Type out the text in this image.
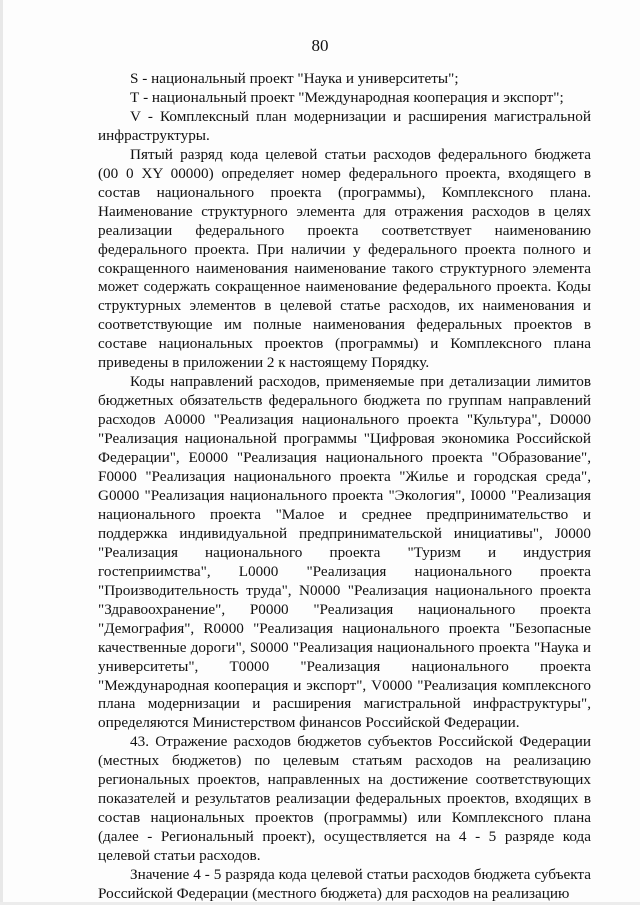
80

S - национальный проект "Наука и университеты";

Т - национальный проект "Международная кооперация и экспорт";

V - Комплексный план модернизации и расширения магистральной инфраструктуры.

Пятый разряд кода целевой статьи расходов федерального бюджета (00 0 XY 00000) определяет номер федерального проекта, входящего в состав национального проекта (программы), Комплексного плана. Наименование структурного элемента для отражения расходов в целях реализации федерального проекта соответствует наименованию федерального проекта. При наличии у федерального проекта полного и сокращенного наименования наименование такого структурного элемента может содержать сокращенное наименование федерального проекта. Коды структурных элементов в целевой статье расходов, их наименования и соответствующие им полные наименования федеральных проектов в составе национальных проектов (программы) и Комплексного плана приведены в приложении 2 к настоящему Порядку.

Коды направлений расходов, применяемые при детализации лимитов бюджетных обязательств федерального бюджета по группам направлений расходов А0000 "Реализация национального проекта "Культура", D0000 "Реализация национальной программы "Цифровая экономика Российской Федерации", Е0000 "Реализация национального проекта "Образование", F0000 "Реализация национального проекта "Жилье и городская среда", G0000 "Реализация национального проекта "Экология", I0000 "Реализация национального проекта "Малое и среднее предпринимательство и поддержка индивидуальной предпринимательской инициативы", J0000 "Реализация национального проекта "Туризм и индустрия гостеприимства", L0000 "Реализация национального проекта "Производительность труда", N0000 "Реализация национального проекта "Здравоохранение", P0000 "Реализация национального проекта "Демография", R0000 "Реализация национального проекта "Безопасные качественные дороги", S0000 "Реализация национального проекта "Наука и университеты", Т0000 "Реализация национального проекта "Международная кооперация и экспорт", V0000 "Реализация комплексного плана модернизации и расширения магистральной инфраструктуры", определяются Министерством финансов Российской Федерации.

43. Отражение расходов бюджетов субъектов Российской Федерации (местных бюджетов) по целевым статьям расходов на реализацию региональных проектов, направленных на достижение соответствующих показателей и результатов реализации федеральных проектов, входящих в состав национальных проектов (программы) или Комплексного плана (далее - Региональный проект), осуществляется на 4 - 5 разряде кода целевой статьи расходов.

Значение 4 - 5 разряда кода целевой статьи расходов бюджета субъекта Российской Федерации (местного бюджета) для расходов на реализацию
